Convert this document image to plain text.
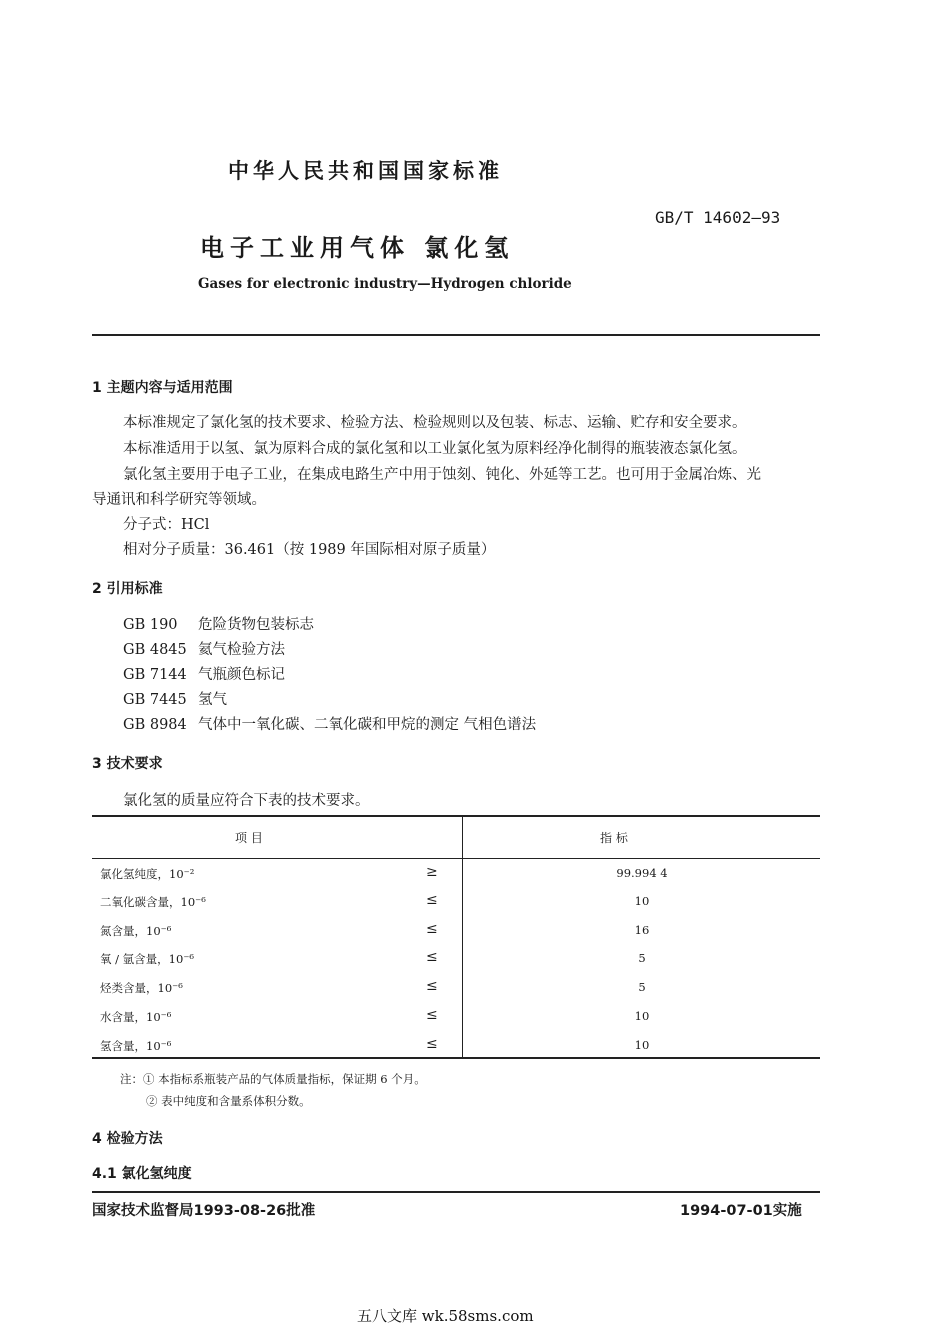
中华人民共和国国家标准
GB/T 14602—93
电子工业用气体 氯化氢
Gases for electronic industry—Hydrogen chloride
1 主题内容与适用范围
本标准规定了氯化氢的技术要求、检验方法、检验规则以及包装、标志、运输、贮存和安全要求。
本标准适用于以氢、氯为原料合成的氯化氢和以工业氯化氢为原料经净化制得的瓶装液态氯化氢。
氯化氢主要用于电子工业，在集成电路生产中用于蚀刻、钝化、外延等工艺。也可用于金属冶炼、光
导通讯和科学研究等领域。
分子式：HCl
相对分子质量：36.461（按 1989 年国际相对原子质量）
2 引用标准
GB 190 危险货物包装标志
GB 4845 氦气检验方法
GB 7144 气瓶颜色标记
GB 7445 氢气
GB 8984 气体中一氧化碳、二氧化碳和甲烷的测定 气相色谱法
3 技术要求
氯化氢的质量应符合下表的技术要求。
项 目	指 标
氯化氢纯度，10⁻²	≥	99.994 4
二氧化碳含量，10⁻⁶	≤	10
氮含量，10⁻⁶	≤	16
氧 / 氩含量，10⁻⁶	≤	5
烃类含量，10⁻⁶	≤	5
水含量，10⁻⁶	≤	10
氢含量，10⁻⁶	≤	10
注：① 本指标系瓶装产品的气体质量指标，保证期 6 个月。
② 表中纯度和含量系体积分数。
4 检验方法
4.1 氯化氢纯度
国家技术监督局1993-08-26批准	1994-07-01实施
五八文库 wk.58sms.com
